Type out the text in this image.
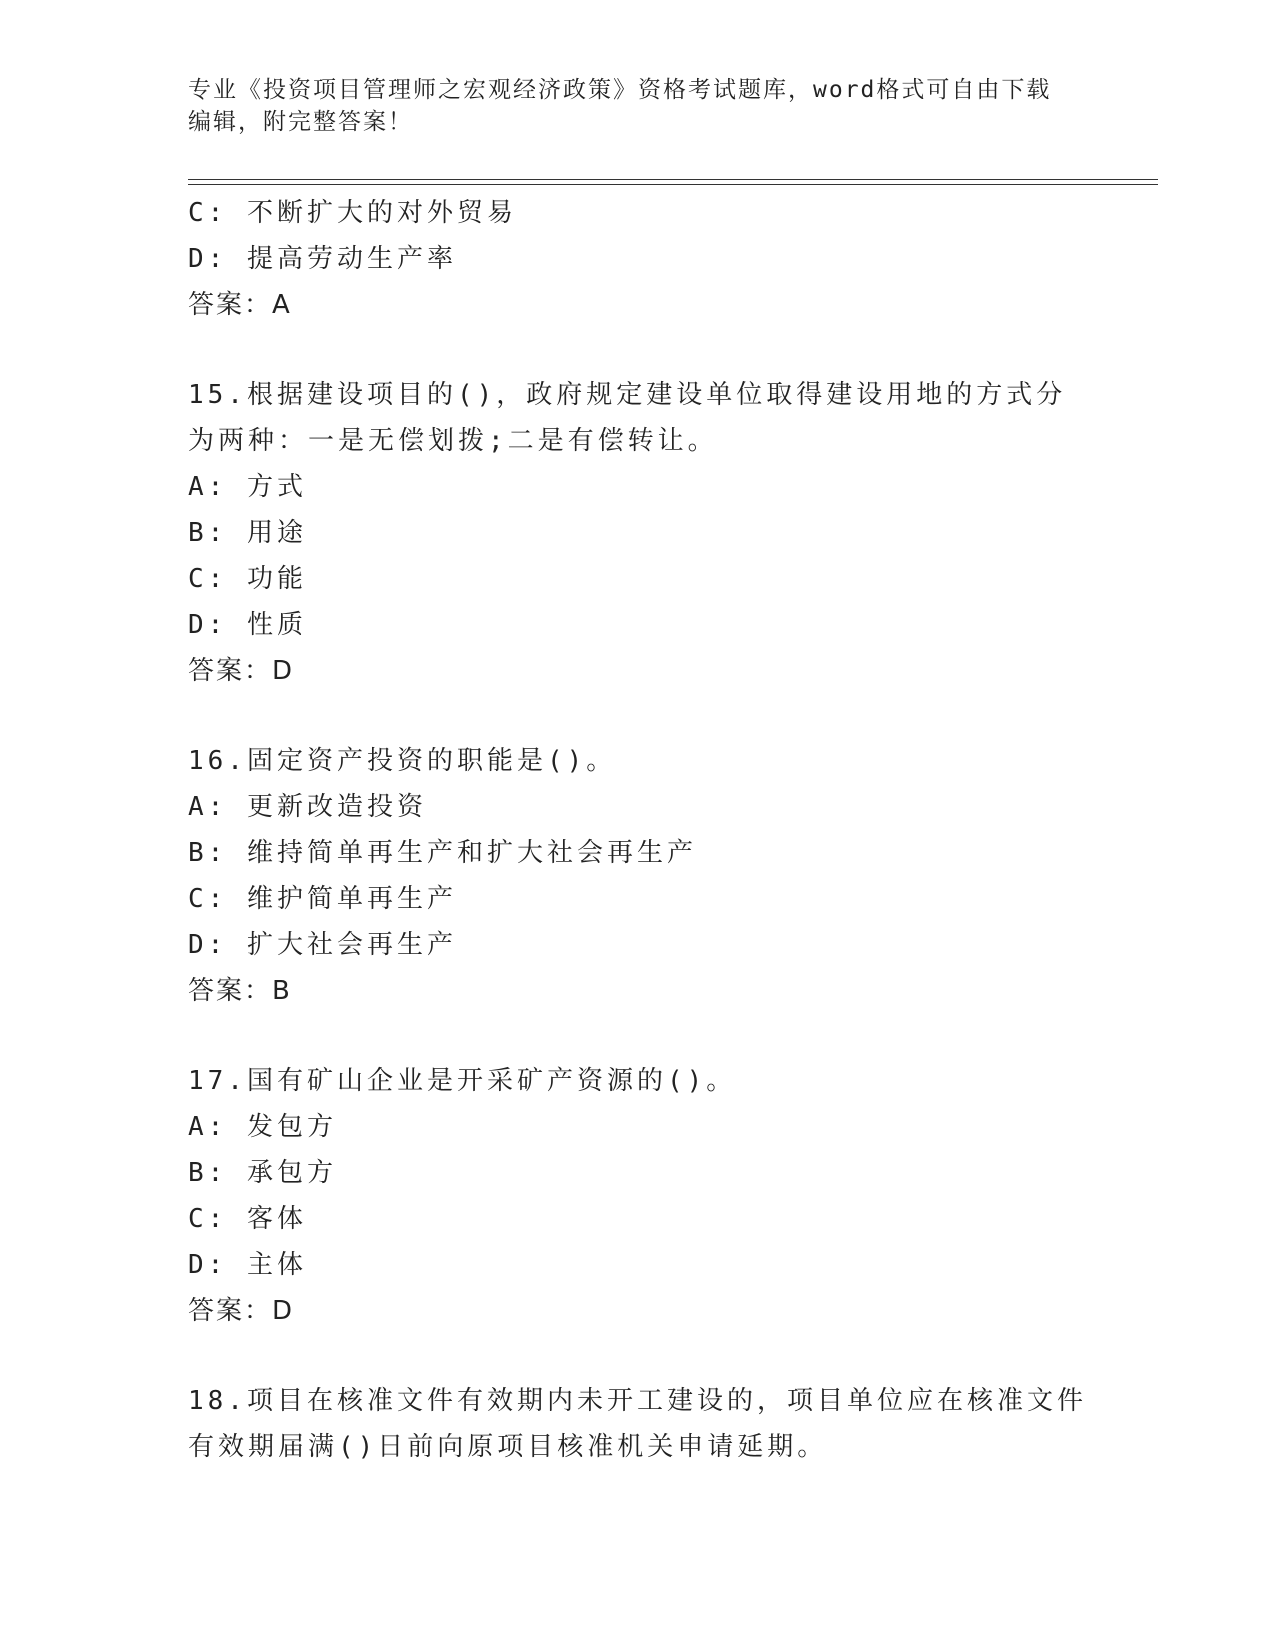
专业《投资项目管理师之宏观经济政策》资格考试题库，word格式可自由下载编辑，附完整答案！
C: 不断扩大的对外贸易
D: 提高劳动生产率
答案：A
15.根据建设项目的()，政府规定建设单位取得建设用地的方式分为两种：一是无偿划拨;二是有偿转让。
A: 方式
B: 用途
C: 功能
D: 性质
答案：D
16.固定资产投资的职能是()。
A: 更新改造投资
B: 维持简单再生产和扩大社会再生产
C: 维护简单再生产
D: 扩大社会再生产
答案：B
17.国有矿山企业是开采矿产资源的()。
A: 发包方
B: 承包方
C: 客体
D: 主体
答案：D
18.项目在核准文件有效期内未开工建设的，项目单位应在核准文件有效期届满()日前向原项目核准机关申请延期。
